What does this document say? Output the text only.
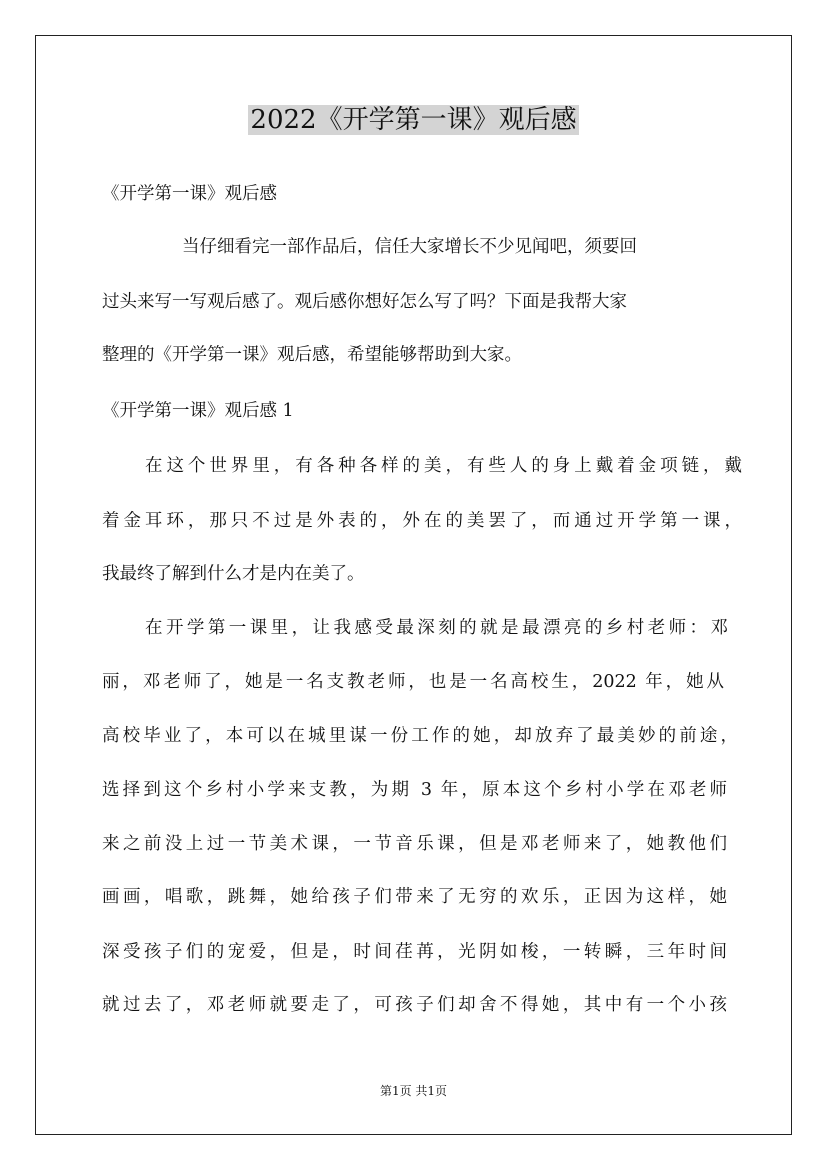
2022《开学第一课》观后感

《开学第一课》观后感

当仔细看完一部作品后，信任大家增长不少见闻吧，须要回

过头来写一写观后感了。观后感你想好怎么写了吗？下面是我帮大家

整理的《开学第一课》观后感，希望能够帮助到大家。

《开学第一课》观后感 1

在这个世界里，有各种各样的美，有些人的身上戴着金项链，戴

着金耳环，那只不过是外表的，外在的美罢了，而通过开学第一课，

我最终了解到什么才是内在美了。

在开学第一课里，让我感受最深刻的就是最漂亮的乡村老师：邓

丽，邓老师了，她是一名支教老师，也是一名高校生，2022 年，她从

高校毕业了，本可以在城里谋一份工作的她，却放弃了最美妙的前途，

选择到这个乡村小学来支教，为期 3 年，原本这个乡村小学在邓老师

来之前没上过一节美术课，一节音乐课，但是邓老师来了，她教他们

画画，唱歌，跳舞，她给孩子们带来了无穷的欢乐，正因为这样，她

深受孩子们的宠爱，但是，时间荏苒，光阴如梭，一转瞬，三年时间

就过去了，邓老师就要走了，可孩子们却舍不得她，其中有一个小孩

第1页 共1页
